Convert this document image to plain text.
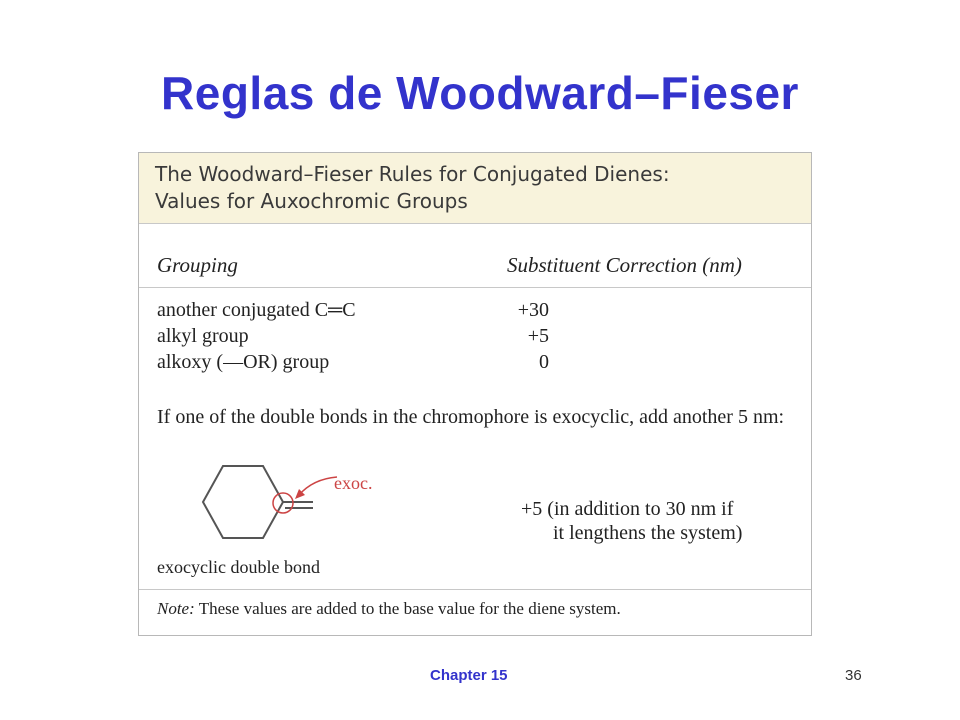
Reglas de Woodward–Fieser
The Woodward–Fieser Rules for Conjugated Dienes:
Values for Auxochromic Groups
Grouping	Substituent Correction (nm)
another conjugated C═C	+30
alkyl group	+5
alkoxy (—OR) group	0
If one of the double bonds in the chromophore is exocyclic, add another 5 nm:
exoc.
+5 (in addition to 30 nm if
it lengthens the system)
exocyclic double bond
Note: These values are added to the base value for the diene system.
Chapter 15	36
